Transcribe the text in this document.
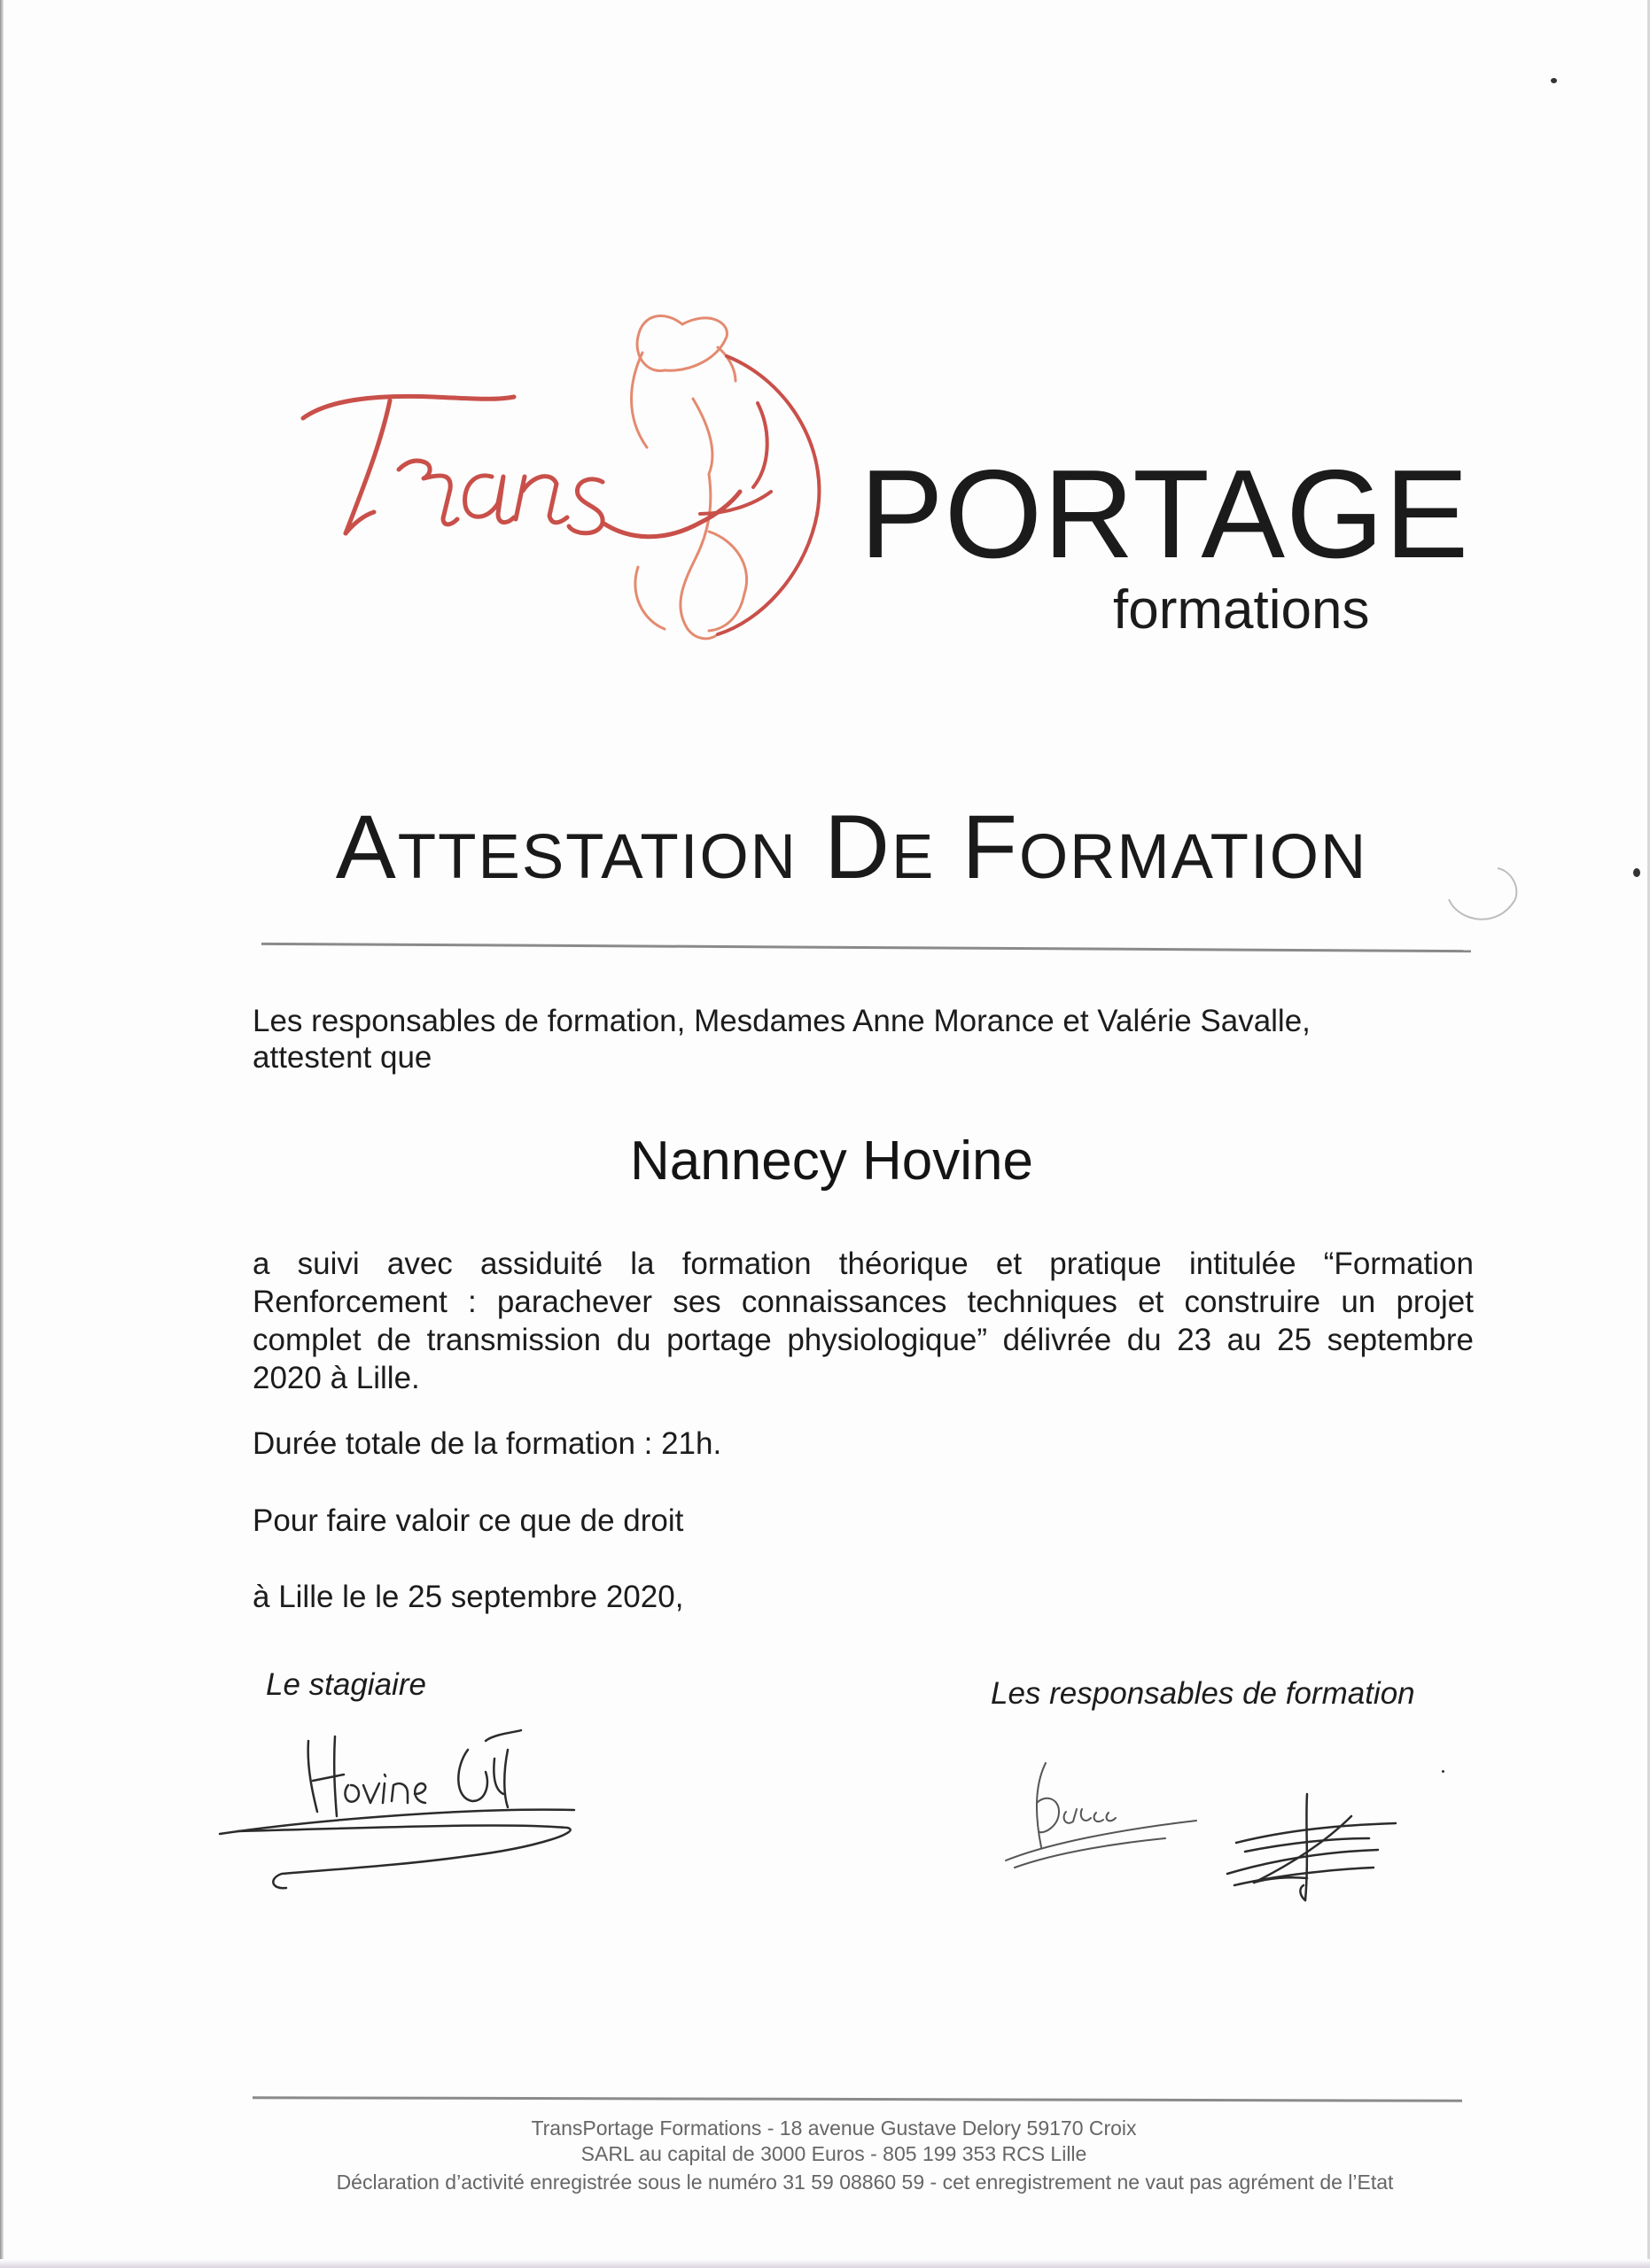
PORTAGE
formations
Attestation De Formation
Les responsables de formation, Mesdames Anne Morance et Valérie Savalle,
attestent que
Nannecy Hovine
a suivi avec assiduité la formation théorique et pratique intitulée “Formation Renforcement : parachever ses connaissances techniques et construire un projet complet de transmission du portage physiologique” délivrée du 23 au 25 septembre 2020 à Lille.
Durée totale de la formation : 21h.
Pour faire valoir ce que de droit
à Lille le le 25 septembre 2020,
Le stagiaire	Les responsables de formation
TransPortage Formations - 18 avenue Gustave Delory 59170 Croix
SARL au capital de 3000 Euros - 805 199 353 RCS Lille
Déclaration d’activité enregistrée sous le numéro 31 59 08860 59 - cet enregistrement ne vaut pas agrément de l’Etat
